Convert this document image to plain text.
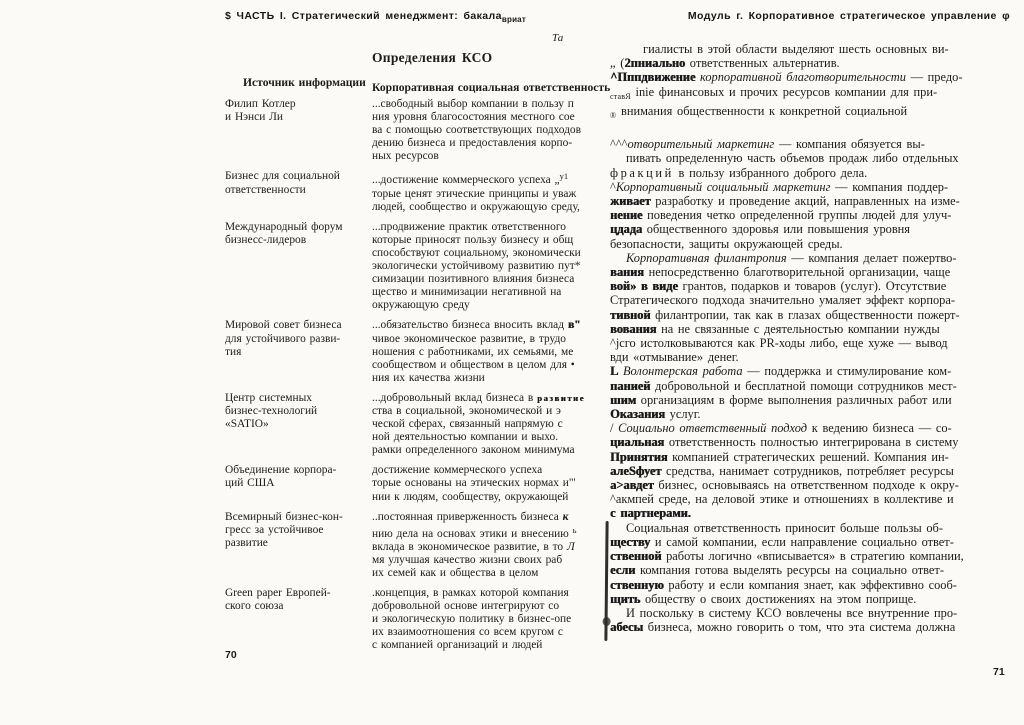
$ ЧАСТЬ I. Стратегический менеджмент: бакала$_{вриат}$	Модуль г. Корпоративное стратегическое управление φ
Та
Определения КСО
Источник информации Корпоративная социальная ответственность
Филип Котлер
и Нэнси Ли
...свободный выбор компании в пользу п
ния уровня благосостояния местного сое
ва с помощью соответствующих подходов
дению бизнеса и предоставления корпо-
ных ресурсов
Бизнес для социальной
ответственности
...достижение коммерческого успеха „$^{у1}$
торые ценят этические принципы и уваж
людей, сообщество и окружающую среду,
Международный форум
бизнесс-лидеров
...продвижение практик ответственного
которые приносят пользу бизнесу и общ
способствуют социальному, экономически
экологически устойчивому развитию пут*
симизации позитивного влияния бизнеса
щество и минимизации негативной на
окружающую среду
Мировой совет бизнеса
для устойчивого разви-
тия
...обязательство бизнеса вносить вклад в"
чивое экономическое развитие, в трудо
ношения с работниками, их семьями, ме
сообществом и обществом в целом для •
ния их качества жизни
Центр системных
бизнес-технологий
«SATIO»
...добровольный вклад бизнеса в развитие
ства в социальной, экономической и э
ческой сферах, связанный напрямую с
ной деятельностью компании и выхо.
рамки определенного законом минимума
Объединение корпора-
ций США
достижение коммерческого успеха
торые основаны на этических нормах и"'
нии к людям, сообществу, окружающей
Всемирный бизнес-кон-
гресс за устойчивое
развитие
..постоянная приверженность бизнеса к
нию дела на основах этики и внесению $^ь$
вклада в экономическое развитие, в то Л
мя улучшая качество жизни своих раб
их семей как и общества в целом
Green paper Европей-
ского союза
.концепция, в рамках которой компания
добровольной основе интегрируют со
и экологическую политику в бизнес-опе
их взаимоотношения со всем кругом с
с компанией организаций и людей
70
гиалисты в этой области выделяют шесть основных ви-
„ (2пниально ответственных альтернатив.
^Пппдвижение корпоративной благотворительности — предо-
$_{ставЯ}$ inie финансовых и прочих ресурсов компании для при-
$_®$ внимания общественности к конкретной социальной
^^^отворительный маркетинг — компания обязуется вы-
пивать определенную часть объемов продаж либо отдельных
фракций в пользу избранного доброго дела.
^Корпоративный социальный маркетинг — компания поддер-
живает разработку и проведение акций, направленных на изме-
нение поведения четко определенной группы людей для улуч-
цдада общественного здоровья или повышения уровня
безопасности, защиты окружающей среды.
Корпоративная филантропия — компания делает пожертво-
вания непосредственно благотворительной организации, чаще
вой» в виде грантов, подарков и товаров (услуг). Отсутствие
Стратегического подхода значительно умаляет эффект корпора-
тивной филантропии, так как в глазах общественности пожерт-
вования на не связанные с деятельностью компании нужды
^jcго истолковываются как PR-ходы либо, еще хуже — вывод
вди «отмывание» денег.
L Волонтерская работа — поддержка и стимулирование ком-
панией добровольной и бесплатной помощи сотрудников мест-
шим организациям в форме выполнения различных работ или
Оказания услуг.
/ Социально ответственный подход к ведению бизнеса — со-
циальная ответственность полностью интегрирована в систему
Принятия компанией стратегических решений. Компания ин-
алеSфует средства, нанимает сотрудников, потребляет ресурсы
а>авдет бизнес, основываясь на ответственном подходе к окру-
^акмпей среде, на деловой этике и отношениях в коллективе и
с партнерами.
Социальная ответственность приносит больше пользы об-
ществу и самой компании, если направление социально ответ-
ственной работы логично «вписывается» в стратегию компании,
если компания готова выделять ресурсы на социально ответ-
ственную работу и если компания знает, как эффективно сооб-
щить обществу о своих достижениях на этом поприще.
И поскольку в систему КСО вовлечены все внутренние про-
абесы бизнеса, можно говорить о том, что эта система должна
71
